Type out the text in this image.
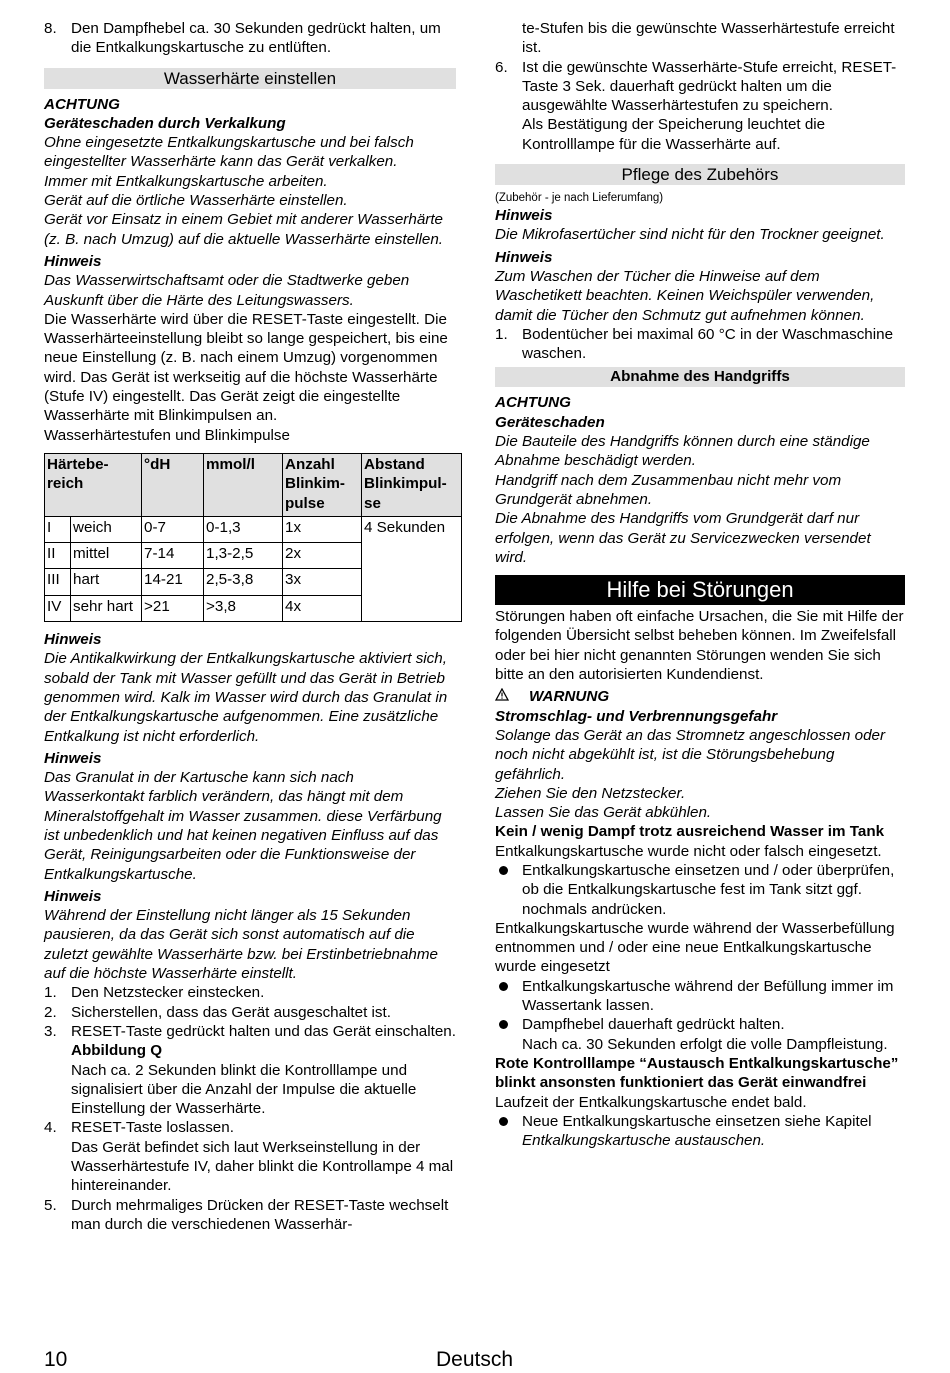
8. Den Dampfhebel ca. 30 Sekunden gedrückt halten, um die Entkalkungskartusche zu entlüften.
Wasserhärte einstellen

ACHTUNG

Geräteschaden durch Verkalkung

Ohne eingesetzte Entkalkungskartusche und bei falsch eingestellter Wasserhärte kann das Gerät verkalken.

Immer mit Entkalkungskartusche arbeiten.

Gerät auf die örtliche Wasserhärte einstellen.

Gerät vor Einsatz in einem Gebiet mit anderer Wasserhärte (z. B. nach Umzug) auf die aktuelle Wasserhärte einstellen.

Hinweis

Das Wasserwirtschaftsamt oder die Stadtwerke geben Auskunft über die Härte des Leitungswassers.

Die Wasserhärte wird über die RESET-Taste eingestellt. Die Wasserhärteeinstellung bleibt so lange gespeichert, bis eine neue Einstellung (z. B. nach einem Umzug) vorgenommen wird. Das Gerät ist werkseitig auf die höchste Wasserhärte (Stufe IV) eingestellt. Das Gerät zeigt die eingestellte Wasserhärte mit Blinkimpulsen an.

Wasserhärtestufen und Blinkimpulse

Härtebe-reich		°dH	mmol/l	Anzahl Blinkim-pulse	Abstand Blinkimpul-se
I	weich	0-7	0-1,3	1x	4 Sekunden
II	mittel	7-14	1,3-2,5	2x	
III	hart	14-21	2,5-3,8	3x	
IV	sehr hart	>21	>3,8	4x	

Hinweis

Die Antikalkwirkung der Entkalkungskartusche aktiviert sich, sobald der Tank mit Wasser gefüllt und das Gerät in Betrieb genommen wird. Kalk im Wasser wird durch das Granulat in der Entkalkungskartusche aufgenommen. Eine zusätzliche Entkalkung ist nicht erforderlich.

Hinweis

Das Granulat in der Kartusche kann sich nach Wasserkontakt farblich verändern, das hängt mit dem Mineralstoffgehalt im Wasser zusammen. diese Verfärbung ist unbedenklich und hat keinen negativen Einfluss auf das Gerät, Reinigungsarbeiten oder die Funktionsweise der Entkalkungskartusche.

Hinweis

Während der Einstellung nicht länger als 15 Sekunden pausieren, da das Gerät sich sonst automatisch auf die zuletzt gewählte Wasserhärte bzw. bei Erstinbetriebnahme auf die höchste Wasserhärte einstellt.

1. Den Netzstecker einstecken.
2. Sicherstellen, dass das Gerät ausgeschaltet ist.
3. RESET-Taste gedrückt halten und das Gerät einschalten.
Abbildung Q
Nach ca. 2 Sekunden blinkt die Kontrolllampe und signalisiert über die Anzahl der Impulse die aktuelle Einstellung der Wasserhärte.
4. RESET-Taste loslassen.
Das Gerät befindet sich laut Werkseinstellung in der Wasserhärtestufe IV, daher blinkt die Kontrollampe 4 mal hintereinander.
5. Durch mehrmaliges Drücken der RESET-Taste wechselt man durch die verschiedenen Wasserhär-

te-Stufen bis die gewünschte Wasserhärtestufe erreicht ist.

6. Ist die gewünschte Wasserhärte-Stufe erreicht, RESET-Taste 3 Sek. dauerhaft gedrückt halten um die ausgewählte Wasserhärtestufen zu speichern.
Als Bestätigung der Speicherung leuchtet die Kontrolllampe für die Wasserhärte auf.
Pflege des Zubehörs

(Zubehör - je nach Lieferumfang)

Hinweis

Die Mikrofasertücher sind nicht für den Trockner geeignet.

Hinweis

Zum Waschen der Tücher die Hinweise auf dem Waschetikett beachten. Keinen Weichspüler verwenden, damit die Tücher den Schmutz gut aufnehmen können.

1. Bodentücher bei maximal 60 °C in der Waschmaschine waschen.
Abnahme des Handgriffs

ACHTUNG

Geräteschaden

Die Bauteile des Handgriffs können durch eine ständige Abnahme beschädigt werden.

Handgriff nach dem Zusammenbau nicht mehr vom Grundgerät abnehmen.

Die Abnahme des Handgriffs vom Grundgerät darf nur erfolgen, wenn das Gerät zu Servicezwecken versendet wird.

Hilfe bei Störungen

Störungen haben oft einfache Ursachen, die Sie mit Hilfe der folgenden Übersicht selbst beheben können. Im Zweifelsfall oder bei hier nicht genannten Störungen wenden Sie sich bitte an den autorisierten Kundendienst.

WARNUNG

Stromschlag- und Verbrennungsgefahr

Solange das Gerät an das Stromnetz angeschlossen oder noch nicht abgekühlt ist, ist die Störungsbehebung gefährlich.

Ziehen Sie den Netzstecker.

Lassen Sie das Gerät abkühlen.

Kein / wenig Dampf trotz ausreichend Wasser im Tank

Entkalkungskartusche wurde nicht oder falsch eingesetzt.

Entkalkungskartusche einsetzen und / oder überprüfen, ob die Entkalkungskartusche fest im Tank sitzt ggf. nochmals andrücken.

Entkalkungskartusche wurde während der Wasserbefüllung entnommen und / oder eine neue Entkalkungskartusche wurde eingesetzt

Entkalkungskartusche während der Befüllung immer im Wassertank lassen.
Dampfhebel dauerhaft gedrückt halten.
Nach ca. 30 Sekunden erfolgt die volle Dampfleistung.

Rote Kontrolllampe “Austausch Entkalkungskartusche” blinkt ansonsten funktioniert das Gerät einwandfrei

Laufzeit der Entkalkungskartusche endet bald.

Neue Entkalkungskartusche einsetzen siehe Kapitel Entkalkungskartusche austauschen.
10	Deutsch
